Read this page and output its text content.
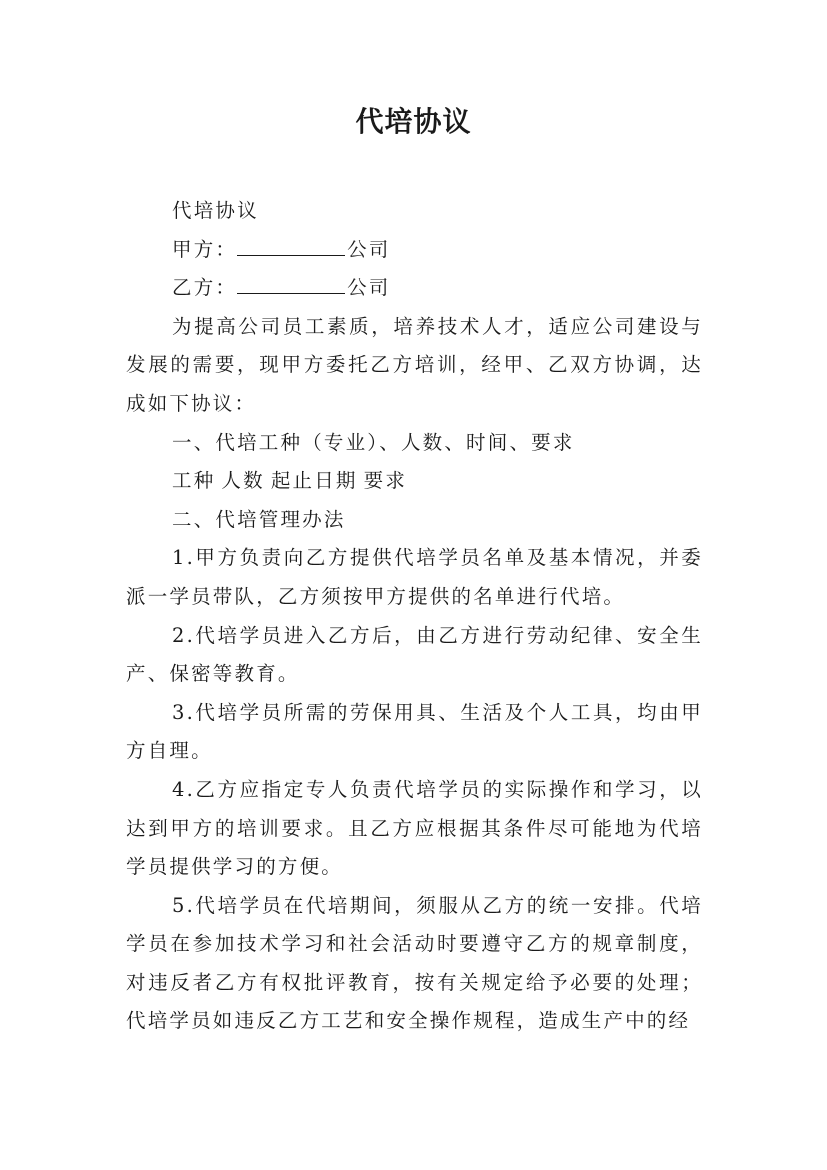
代培协议

代培协议

甲方：	公司

乙方：	公司

为提高公司员工素质，培养技术人才，适应公司建设与发展的需要，现甲方委托乙方培训，经甲、乙双方协调，达成如下协议：

一、代培工种（专业）、人数、时间、要求

工种 人数 起止日期 要求

二、代培管理办法

1.甲方负责向乙方提供代培学员名单及基本情况，并委派一学员带队，乙方须按甲方提供的名单进行代培。

2.代培学员进入乙方后，由乙方进行劳动纪律、安全生产、保密等教育。

3.代培学员所需的劳保用具、生活及个人工具，均由甲方自理。

4.乙方应指定专人负责代培学员的实际操作和学习，以达到甲方的培训要求。且乙方应根据其条件尽可能地为代培学员提供学习的方便。

5.代培学员在代培期间，须服从乙方的统一安排。代培学员在参加技术学习和社会活动时要遵守乙方的规章制度，对违反者乙方有权批评教育，按有关规定给予必要的处理；代培学员如违反乙方工艺和安全操作规程，造成生产中的经
